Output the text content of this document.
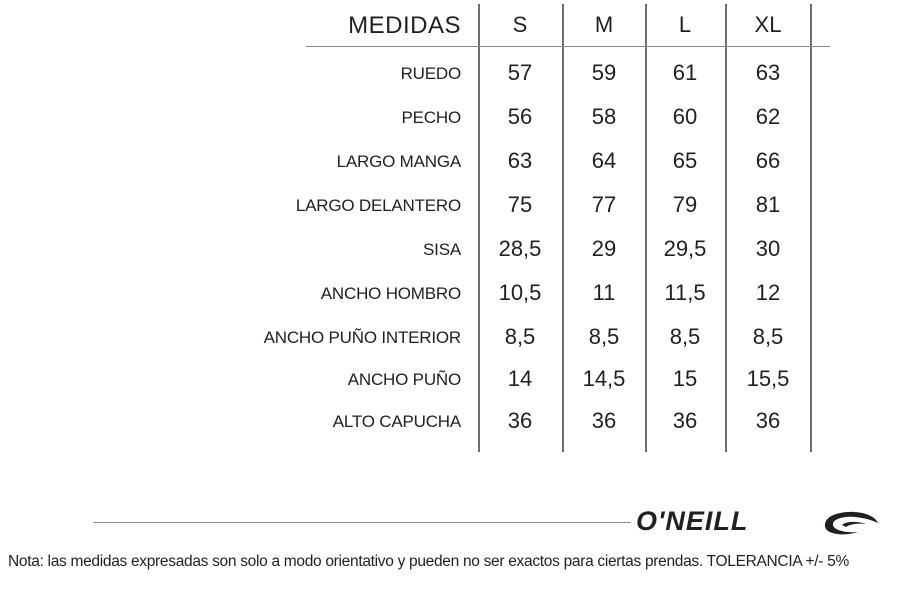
MEDIDAS	S	M	L	XL
RUEDO	57	59	61	63
PECHO	56	58	60	62
LARGO MANGA	63	64	65	66
LARGO DELANTERO	75	77	79	81
SISA	28,5	29	29,5	30
ANCHO HOMBRO	10,5	11	11,5	12
ANCHO PUÑO INTERIOR	8,5	8,5	8,5	8,5
ANCHO PUÑO	14	14,5	15	15,5
ALTO CAPUCHA	36	36	36	36
O'NEILL
Nota: las medidas expresadas son solo a modo orientativo y pueden no ser exactos para ciertas prendas. TOLERANCIA +/- 5%
